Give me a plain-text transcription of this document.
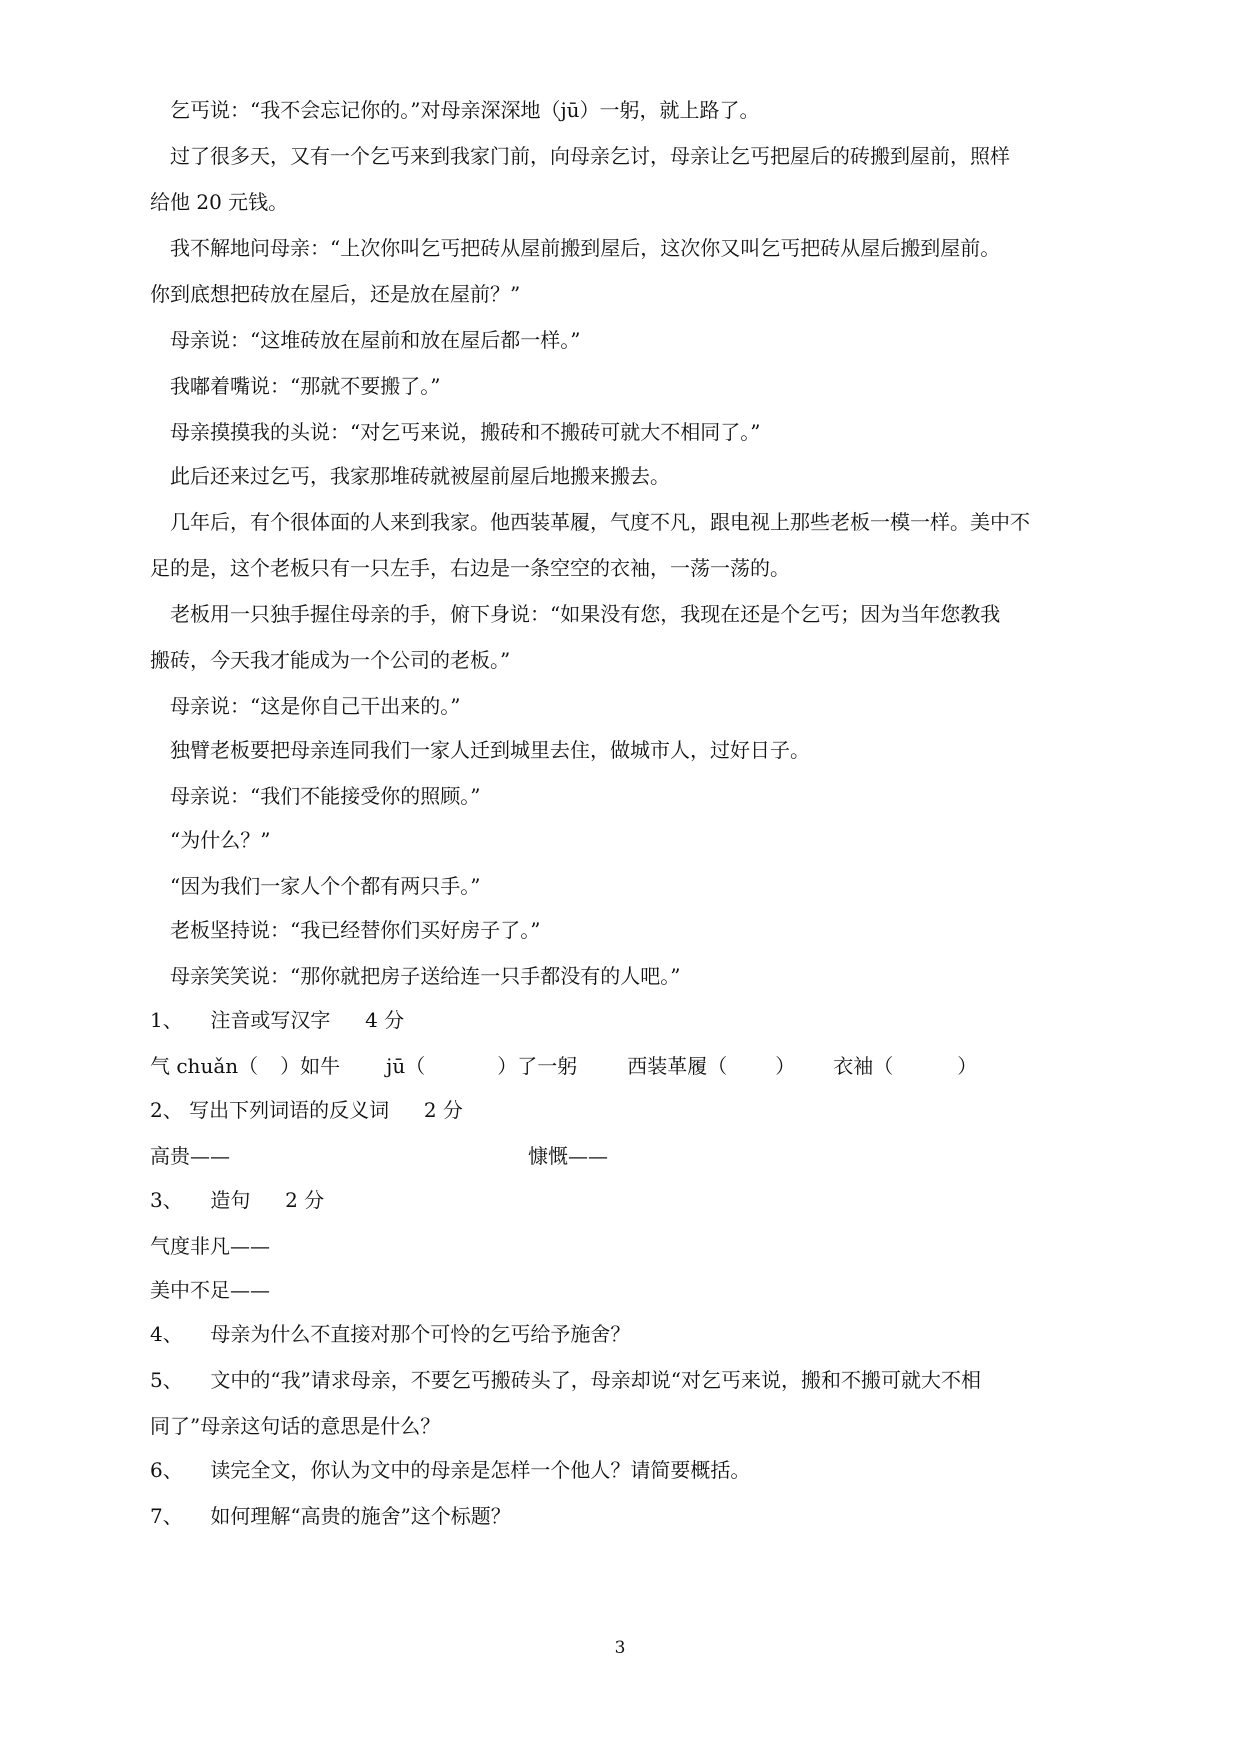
乞丐说：“我不会忘记你的。”对母亲深深地（jū）一躬，就上路了。
过了很多天，又有一个乞丐来到我家门前，向母亲乞讨，母亲让乞丐把屋后的砖搬到屋前，照样
给他 20 元钱。
我不解地问母亲：“上次你叫乞丐把砖从屋前搬到屋后，这次你又叫乞丐把砖从屋后搬到屋前。
你到底想把砖放在屋后，还是放在屋前？”
母亲说：“这堆砖放在屋前和放在屋后都一样。”
我嘟着嘴说：“那就不要搬了。”
母亲摸摸我的头说：“对乞丐来说，搬砖和不搬砖可就大不相同了。”
此后还来过乞丐，我家那堆砖就被屋前屋后地搬来搬去。
几年后，有个很体面的人来到我家。他西装革履，气度不凡，跟电视上那些老板一模一样。美中不
足的是，这个老板只有一只左手，右边是一条空空的衣袖，一荡一荡的。
老板用一只独手握住母亲的手，俯下身说：“如果没有您，我现在还是个乞丐；因为当年您教我
搬砖，今天我才能成为一个公司的老板。”
母亲说：“这是你自己干出来的。”
独臂老板要把母亲连同我们一家人迁到城里去住，做城市人，过好日子。
母亲说：“我们不能接受你的照顾。”
“为什么？”
“因为我们一家人个个都有两只手。”
老板坚持说：“我已经替你们买好房子了。”
母亲笑笑说：“那你就把房子送给连一只手都没有的人吧。”
1、 注音或写汉字 4 分
气 chuǎn（ ）如牛 jū（	）了一躬	西装革履（ ） 衣袖（	）
2、 写出下列词语的反义词 2 分
高贵——	慷慨——
3、 造句 2 分
气度非凡——
美中不足——
4、 母亲为什么不直接对那个可怜的乞丐给予施舍？
5、 文中的“我”请求母亲，不要乞丐搬砖头了，母亲却说“对乞丐来说，搬和不搬可就大不相
同了”母亲这句话的意思是什么？
6、 读完全文，你认为文中的母亲是怎样一个他人？请简要概括。
7、 如何理解“高贵的施舍”这个标题？
3
